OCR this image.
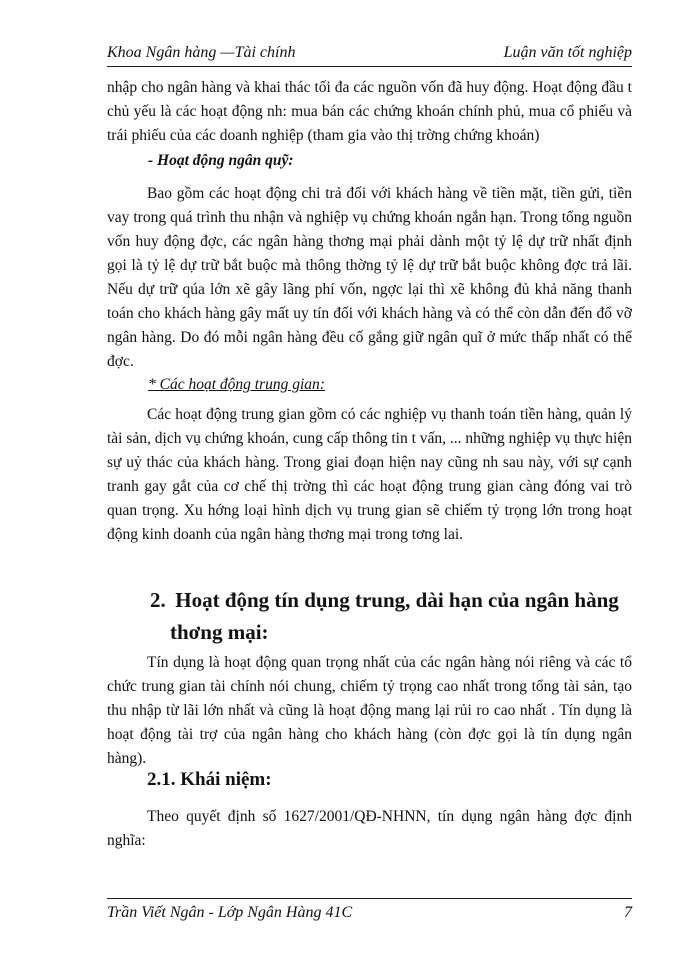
Khoa Ngân hàng —Tài chính	Luận văn tốt nghiệp

nhập cho ngân hàng và khai thác tối đa các nguồn vốn đã huy động. Hoạt động đầu t chủ yếu là các hoạt động nh: mua bán các chứng khoán chính phủ, mua cổ phiếu và trái phiếu của các doanh nghiệp (tham gia vào thị trờng chứng khoán)

- Hoạt động ngân quỹ:

Bao gồm các hoạt động chi trả đối với khách hàng về tiền mặt, tiền gửi, tiền vay trong quá trình thu nhận và nghiệp vụ chứng khoán ngắn hạn. Trong tổng nguồn vốn huy động đợc, các ngân hàng thơng mại phải dành một tỷ lệ dự trữ nhất định gọi là tỷ lệ dự trữ bắt buộc mà thông thờng tỷ lệ dự trữ bắt buộc không đợc trả lãi. Nếu dự trữ qúa lớn xẽ gây lãng phí vốn, ngợc lại thì xẽ không đủ khả năng thanh toán cho khách hàng gây mất uy tín đối với khách hàng và có thể còn dẫn đến đổ vỡ ngân hàng. Do đó mỗi ngân hàng đều cố gắng giữ ngân quĩ ở mức thấp nhất có thể đợc.

* Các hoạt động trung gian:

Các hoạt động trung gian gồm có các nghiệp vụ thanh toán tiền hàng, quản lý tài sản, dịch vụ chứng khoán, cung cấp thông tin t vấn, ... những nghiệp vụ thực hiện sự uỷ thác của khách hàng. Trong giai đoạn hiện nay cũng nh sau này, với sự cạnh tranh gay gắt của cơ chế thị trờng thì các hoạt động trung gian càng đóng vai trò quan trọng. Xu hớng loại hình dịch vụ trung gian sẽ chiếm tỷ trọng lớn trong hoạt động kinh doanh của ngân hàng thơng mại trong tơng lai.

2. Hoạt động tín dụng trung, dài hạn của ngân hàng
thơng mại:

Tín dụng là hoạt động quan trọng nhất của các ngân hàng nói riêng và các tổ chức trung gian tài chính nói chung, chiếm tỷ trọng cao nhất trong tổng tài sản, tạo thu nhập từ lãi lớn nhất và cũng là hoạt động mang lại rủi ro cao nhất . Tín dụng là hoạt động tài trợ của ngân hàng cho khách hàng (còn đợc gọi là tín dụng ngân hàng).

2.1. Khái niệm:

Theo quyết định số 1627/2001/QĐ-NHNN, tín dụng ngân hàng đợc định nghĩa:

Trần Viết Ngân - Lớp Ngân Hàng 41C	7
